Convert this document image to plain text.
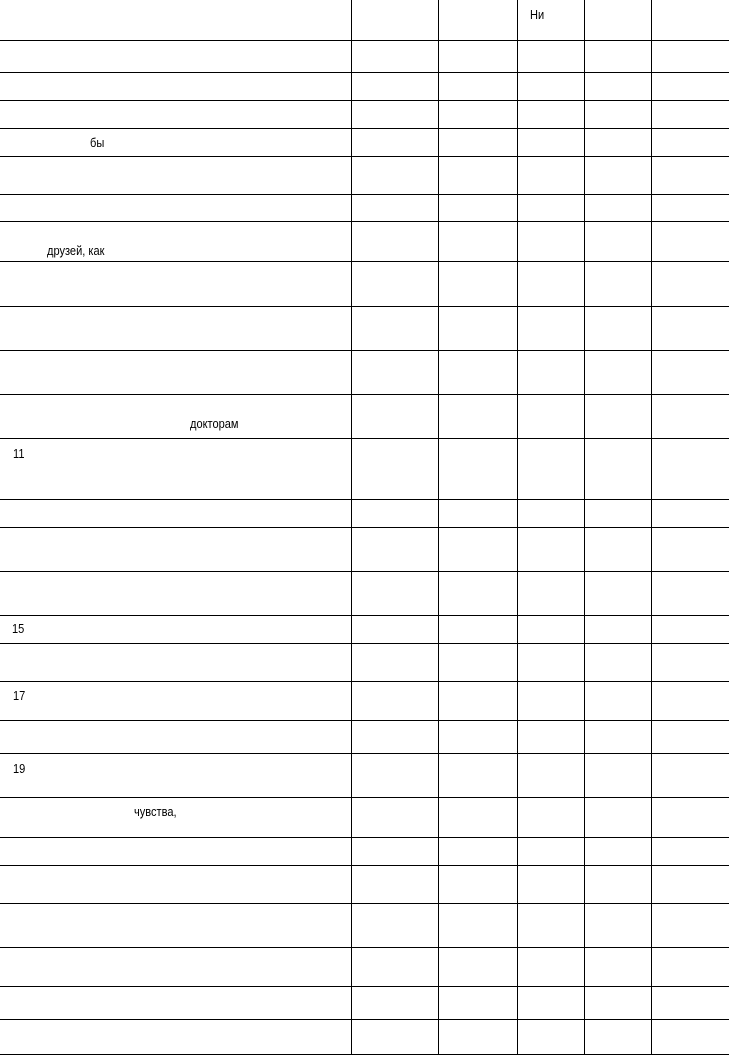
Ни
бы
друзей, как
докторам
11
15
17
19
чувства,
